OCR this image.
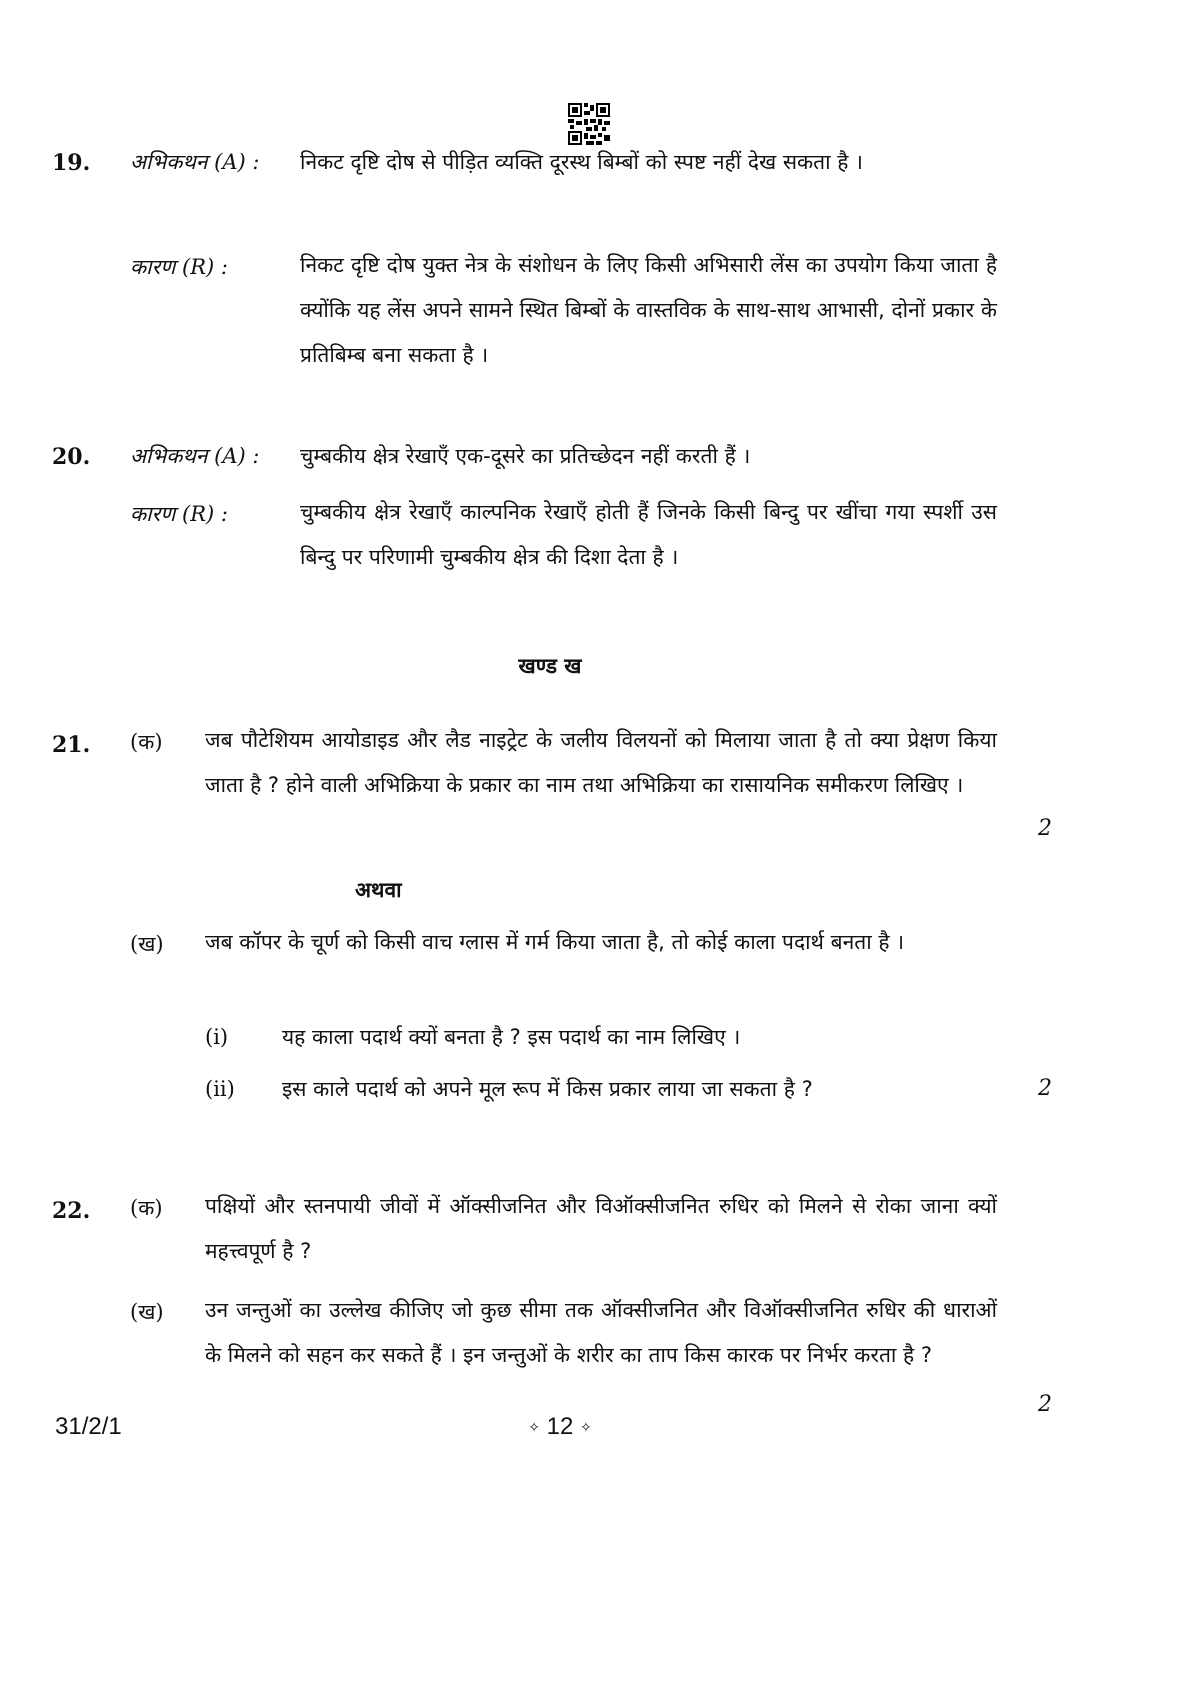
19. अभिकथन (A) : निकट दृष्टि दोष से पीड़ित व्यक्ति दूरस्थ बिम्बों को स्पष्ट नहीं देख सकता है ।
कारण (R) :	निकट दृष्टि दोष युक्त नेत्र के संशोधन के लिए किसी अभिसारी लेंस का उपयोग किया जाता है क्योंकि यह लेंस अपने सामने स्थित बिम्बों के वास्तविक के साथ-साथ आभासी, दोनों प्रकार के प्रतिबिम्ब बना सकता है ।
20. अभिकथन (A) : चुम्बकीय क्षेत्र रेखाएँ एक-दूसरे का प्रतिच्छेदन नहीं करती हैं ।
कारण (R) :	चुम्बकीय क्षेत्र रेखाएँ काल्पनिक रेखाएँ होती हैं जिनके किसी बिन्दु पर खींचा गया स्पर्शी उस बिन्दु पर परिणामी चुम्बकीय क्षेत्र की दिशा देता है ।
खण्ड ख
21. (क) जब पौटेशियम आयोडाइड और लैड नाइट्रेट के जलीय विलयनों को मिलाया जाता है तो क्या प्रेक्षण किया जाता है ? होने वाली अभिक्रिया के प्रकार का नाम तथा अभिक्रिया का रासायनिक समीकरण लिखिए ।
2
अथवा
(ख) जब कॉपर के चूर्ण को किसी वाच ग्लास में गर्म किया जाता है, तो कोई काला पदार्थ बनता है ।
(i)	यह काला पदार्थ क्यों बनता है ? इस पदार्थ का नाम लिखिए ।
(ii) इस काले पदार्थ को अपने मूल रूप में किस प्रकार लाया जा सकता है ?	2
22. (क) पक्षियों और स्तनपायी जीवों में ऑक्सीजनित और विऑक्सीजनित रुधिर को मिलने से रोका जाना क्यों महत्त्वपूर्ण है ?
(ख) उन जन्तुओं का उल्लेख कीजिए जो कुछ सीमा तक ऑक्सीजनित और विऑक्सीजनित रुधिर की धाराओं के मिलने को सहन कर सकते हैं । इन जन्तुओं के शरीर का ताप किस कारक पर निर्भर करता है ?
2
31/2/1	✧ 12 ✧
